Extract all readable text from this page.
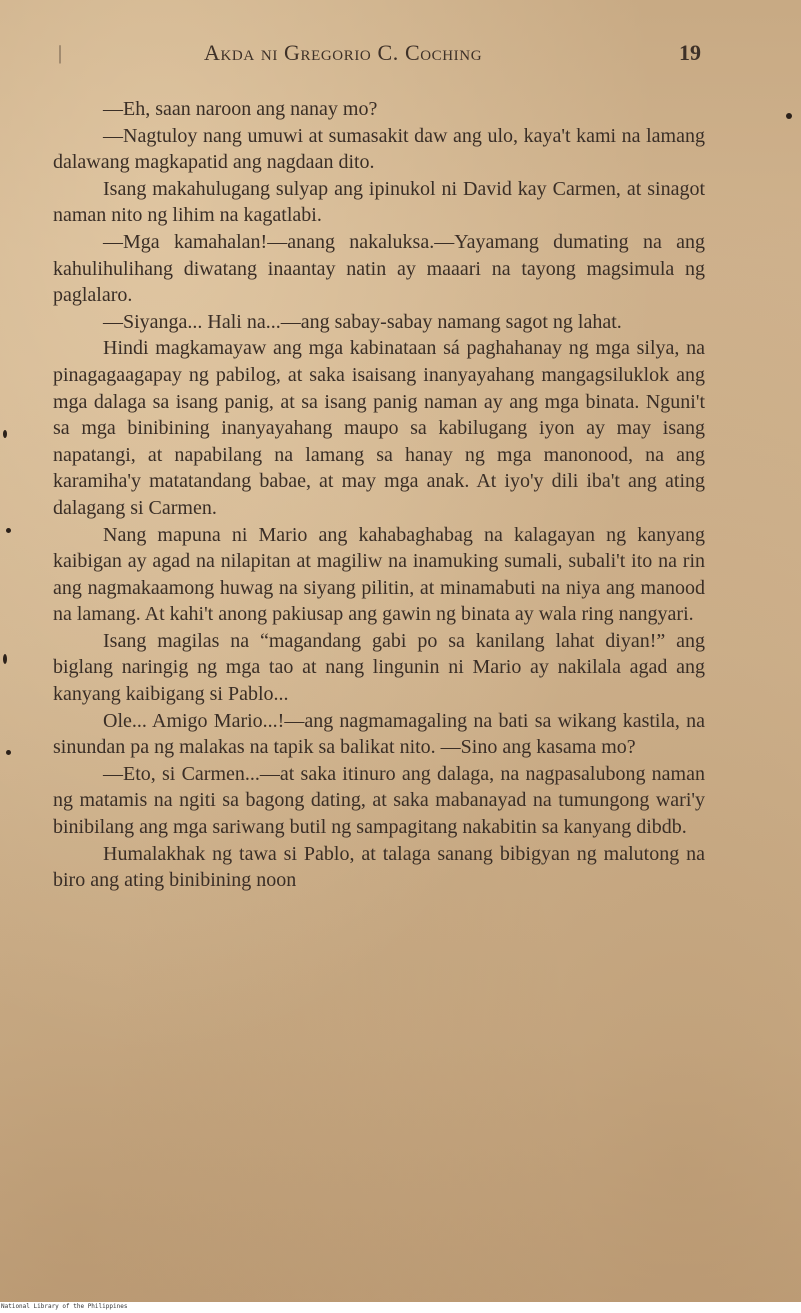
|	Akda ni Gregorio C. Coching	19

—Eh, saan naroon ang nanay mo?

—Nagtuloy nang umuwi at sumasakit daw ang ulo, kaya't kami na lamang dalawang magkapatid ang nagdaan dito.

Isang makahulugang sulyap ang ipinukol ni David kay Carmen, at sinagot naman nito ng lihim na kagatlabi.

—Mga kamahalan!—anang nakaluksa.—Yayamang dumating na ang kahulihulihang diwatang inaantay natin ay maaari na tayong magsimula ng paglalaro.

—Siyanga... Hali na...—ang sabay-sabay namang sagot ng lahat.

Hindi magkamayaw ang mga kabinataan sá paghahanay ng mga silya, na pinagagaagapay ng pabilog, at saka isaisang inanyayahang mangagsiluklok ang mga dalaga sa isang panig, at sa isang panig naman ay ang mga binata. Nguni't sa mga binibining inanyayahang maupo sa kabilugang iyon ay may isang napatangi, at napabilang na lamang sa hanay ng mga manonood, na ang karamiha'y matatandang babae, at may mga anak. At iyo'y dili iba't ang ating dalagang si Carmen.

Nang mapuna ni Mario ang kahabaghabag na kalagayan ng kanyang kaibigan ay agad na nilapitan at magiliw na inamuking sumali, subali't ito na rin ang nagmakaamong huwag na siyang pilitin, at minamabuti na niya ang manood na lamang. At kahi't anong pakiusap ang gawin ng binata ay wala ring nangyari.

Isang magilas na “magandang gabi po sa kanilang lahat diyan!” ang biglang naringig ng mga tao at nang lingunin ni Mario ay nakilala agad ang kanyang kaibigang si Pablo...

Ole... Amigo Mario...!—ang nagmamagaling na bati sa wikang kastila, na sinundan pa ng malakas na tapik sa balikat nito. —Sino ang kasama mo?

—Eto, si Carmen...—at saka itinuro ang dalaga, na nagpasalubong naman ng matamis na ngiti sa bagong dating, at saka mabanayad na tumungong wari'y binibilang ang mga sariwang butil ng sampagitang nakabitin sa kanyang dibdb.

Humalakhak ng tawa si Pablo, at talaga sanang bibigyan ng malutong na biro ang ating binibining noon

National Library of the Philippines
